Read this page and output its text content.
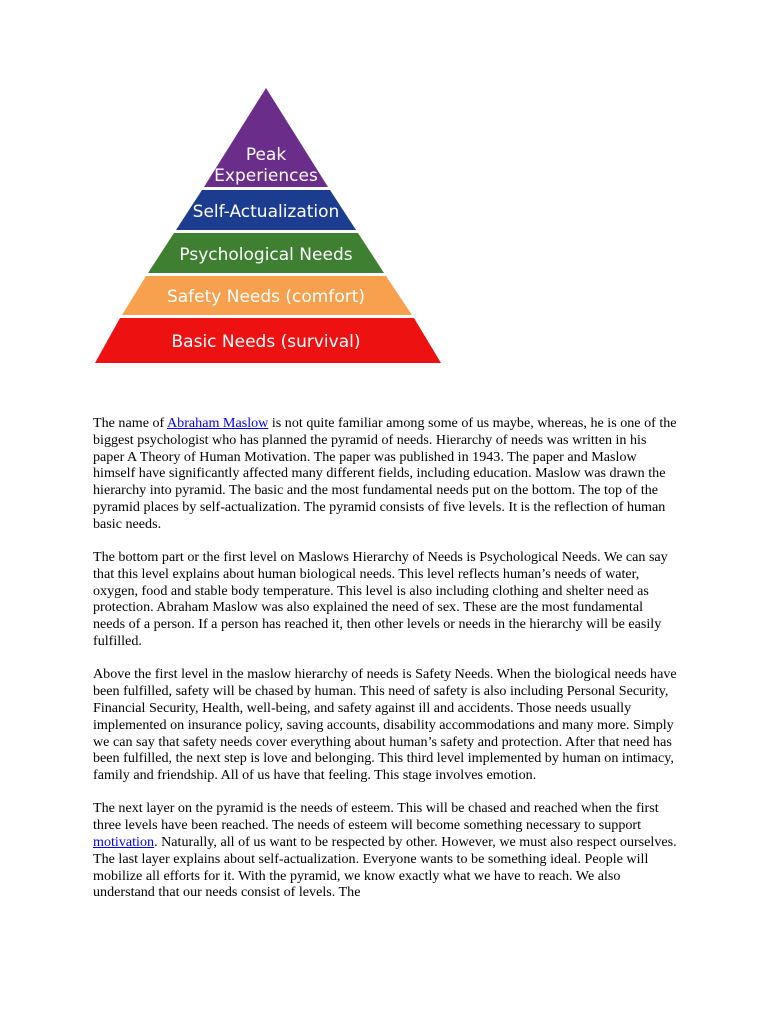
Peak
Experiences
Self-Actualization
Psychological Needs
Safety Needs (comfort)
Basic Needs (survival)

The name of Abraham Maslow is not quite familiar among some of us maybe, whereas, he is one of the biggest psychologist who has planned the pyramid of needs. Hierarchy of needs was written in his paper A Theory of Human Motivation. The paper was published in 1943. The paper and Maslow himself have significantly affected many different fields, including education. Maslow was drawn the hierarchy into pyramid. The basic and the most fundamental needs put on the bottom. The top of the pyramid places by self-actualization. The pyramid consists of five levels. It is the reflection of human basic needs.

The bottom part or the first level on Maslows Hierarchy of Needs is Psychological Needs. We can say that this level explains about human biological needs. This level reflects human’s needs of water, oxygen, food and stable body temperature. This level is also including clothing and shelter need as protection. Abraham Maslow was also explained the need of sex. These are the most fundamental needs of a person. If a person has reached it, then other levels or needs in the hierarchy will be easily fulfilled.

Above the first level in the maslow hierarchy of needs is Safety Needs. When the biological needs have been fulfilled, safety will be chased by human. This need of safety is also including Personal Security, Financial Security, Health, well-being, and safety against ill and accidents. Those needs usually implemented on insurance policy, saving accounts, disability accommodations and many more. Simply we can say that safety needs cover everything about human’s safety and protection. After that need has been fulfilled, the next step is love and belonging. This third level implemented by human on intimacy, family and friendship. All of us have that feeling. This stage involves emotion.

The next layer on the pyramid is the needs of esteem. This will be chased and reached when the first three levels have been reached. The needs of esteem will become something necessary to support motivation. Naturally, all of us want to be respected by other. However, we must also respect ourselves. The last layer explains about self-actualization. Everyone wants to be something ideal. People will mobilize all efforts for it. With the pyramid, we know exactly what we have to reach. We also understand that our needs consist of levels. The
